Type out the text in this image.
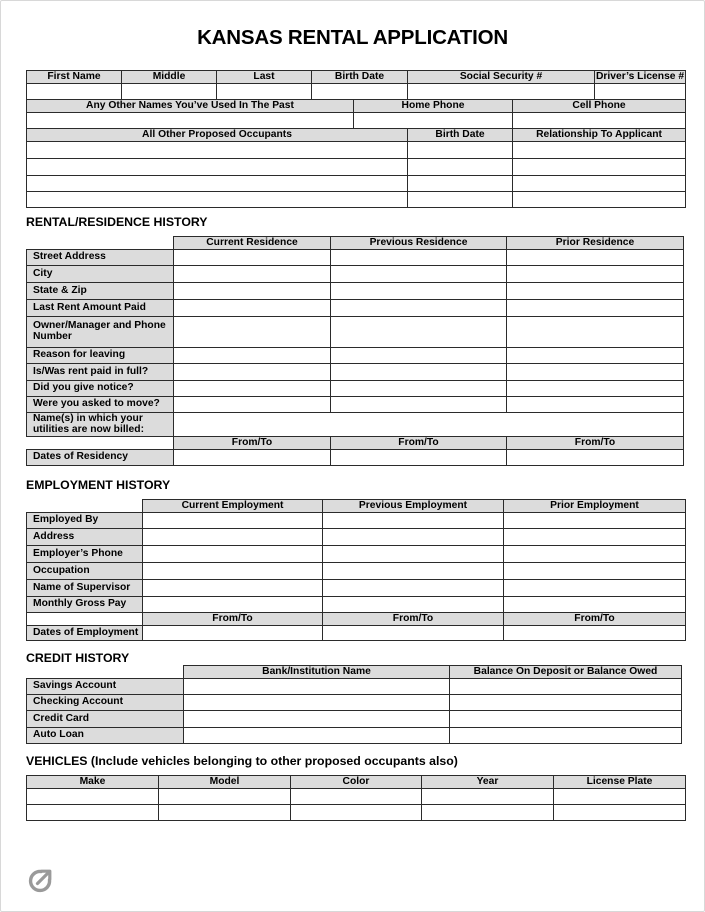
KANSAS RENTAL APPLICATION
First Name	Middle	Last	Birth Date		Social Security #		Driver’s License #

Any Other Names You’ve Used In The Past				Home Phone		Cell Phone	

All Other Proposed Occupants					Birth Date	Relationship To Applicant	

RENTAL/RESIDENCE HISTORY
	Current Residence	Previous Residence	Prior Residence
Street Address			
City			
State & Zip			
Last Rent Amount Paid			
Owner/Manager and Phone Number			
Reason for leaving			
Is/Was rent paid in full?			
Did you give notice?			
Were you asked to move?			
Name(s) in which your utilities are now billed:			
	From/To	From/To	From/To
Dates of Residency			
EMPLOYMENT HISTORY
	Current Employment	Previous Employment	Prior Employment
Employed By			
Address			
Employer’s Phone			
Occupation			
Name of Supervisor			
Monthly Gross Pay			
	From/To	From/To	From/To
Dates of Employment			
CREDIT HISTORY
	Bank/Institution Name	Balance On Deposit or Balance Owed
Savings Account		
Checking Account		
Credit Card		
Auto Loan		
VEHICLES (Include vehicles belonging to other proposed occupants also)
Make	Model	Color	Year	License Plate
